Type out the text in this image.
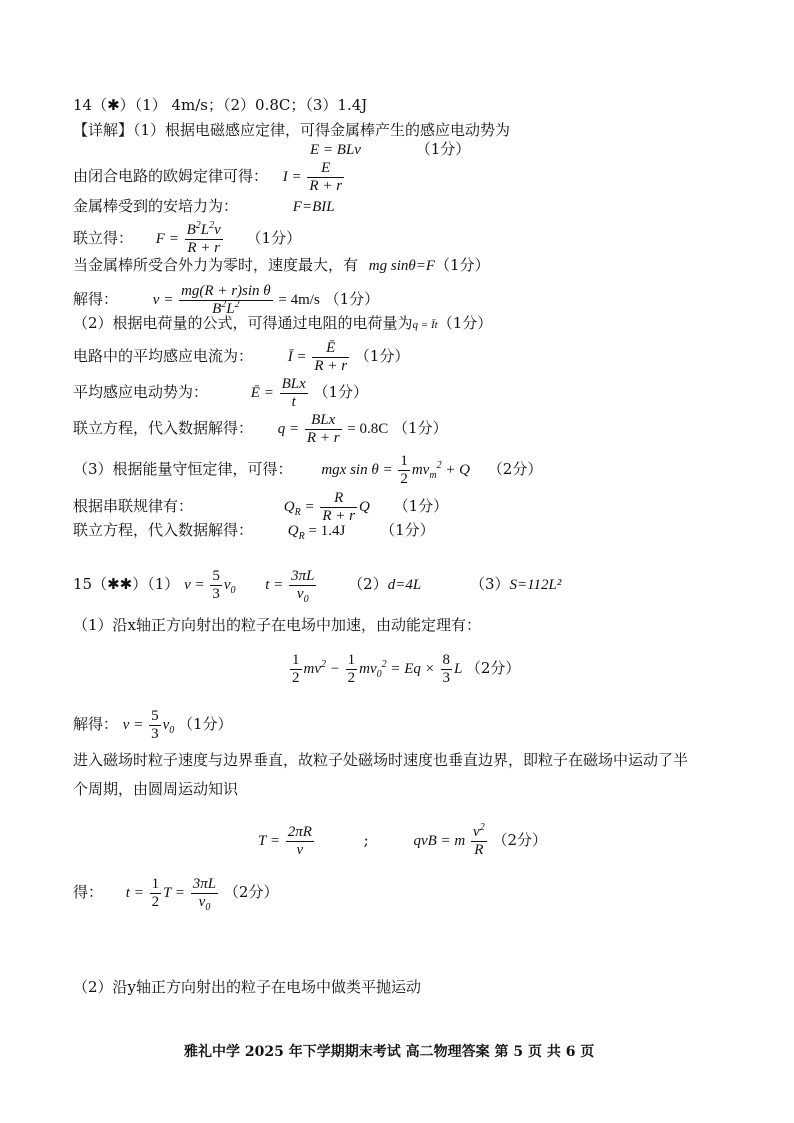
14（✱）（1） 4m/s；（2）0.8C；（3）1.4J
【详解】（1）根据电磁感应定律，可得金属棒产生的感应电动势为
E = BLv	（1分）
由闭合电路的欧姆定律可得： $I = \frac{E}{R + r}$
金属棒受到的安培力为：	F=BIL
联立得： $F = \frac{B^2L^2v}{R + r} (1$分）
当金属棒所受合外力为零时，速度最大，有 mg sinθ=F（1分）
解得： $v = \frac{\text{mg(R + r)sin θ}}{B^2L^2} = 4m/s$ （1分）
（2）根据电荷量的公式，可得通过电阻的电荷量为q = Īt（1分）
电路中的平均感应电流为： Ī = $\frac{Ē}{R + r} (1$分）
平均感应电动势为：	Ē = $\frac{\text{BLx}}{t} (1$分）
联立方程，代入数据解得： $q = \frac{\text{BLx}}{R + r} = 0.8C$ （1分）
（3）根据能量守恒定律，可得： mgx $\sin \theta = \frac{1}{2} mv_m^2 + Q$ （2分）
根据串联规律有：	$Q_R = \frac{R}{R + r}$ Q （1分）
联立方程，代入数据解得： $Q_R = 1.4J$ （1分）
15（✱✱）（1） $v = \frac{5}{3} v_0$ $t = \frac{3\pi L}{v_0} (2)d=4L$	（3）S=112L²
（1）沿x轴正方向射出的粒子在电场中加速，由动能定理有：
$\frac{1}{2} mv^2 - \frac{1}{2} mv_0^2 = Eq \times \frac{8}{3}$ L （2分）
解得： $v = \frac{5}{3} v_0$ （1分）
进入磁场时粒子速度与边界垂直，故粒子处磁场时速度也垂直边界，即粒子在磁场中运动了半
个周期，由圆周运动知识
$T = \frac{2\pi R}{v}$	;	qvB = m $\frac{v^2}{R} (2$分）
得： $t = \frac{1}{2}$ $T = \frac{3\pi L}{v_0} (2$分）
（2）沿y轴正方向射出的粒子在电场中做类平抛运动
雅礼中学 2025 年下学期期末考试 高二物理答案 第 5 页 共 6 页
